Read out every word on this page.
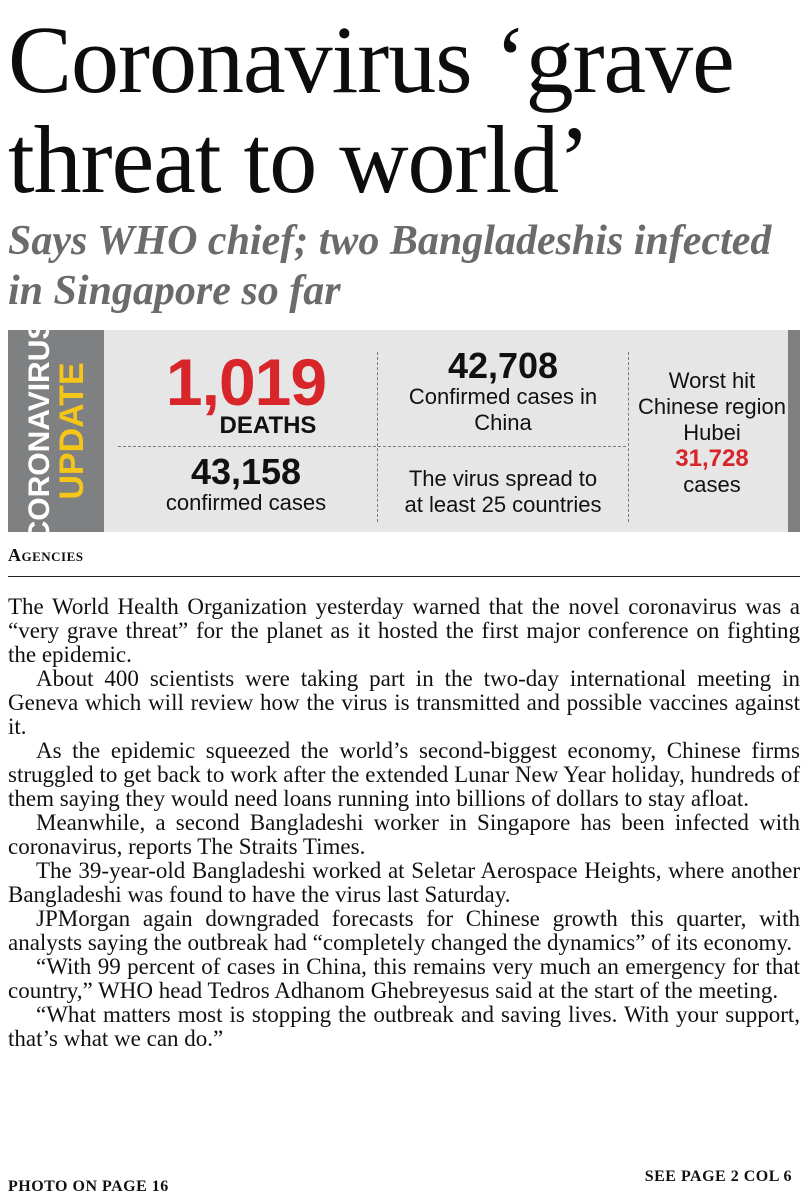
Coronavirus ‘grave threat to world’
Says WHO chief; two Bangladeshis infected in Singapore so far
CORONAVIRUS
UPDATE	1,019
DEATHS
43,158
confirmed cases
42,708
Confirmed cases in China
The virus spread to at least 25 countries
Worst hit Chinese region Hubei
31,728
cases
Agencies

The World Health Organization yesterday warned that the novel coronavirus was a “very grave threat” for the planet as it hosted the first major conference on fighting the epidemic.

About 400 scientists were taking part in the two-day international meeting in Geneva which will review how the virus is transmitted and possible vaccines against it.

As the epidemic squeezed the world’s second-biggest economy, Chinese firms struggled to get back to work after the extended Lunar New Year holiday, hundreds of them saying they would need loans running into billions of dollars to stay afloat.

Meanwhile, a second Bangladeshi worker in Singapore has been infected with coronavirus, reports The Straits Times.

The 39-year-old Bangladeshi worked at Seletar Aerospace Heights, where another Bangladeshi was found to have the virus last Saturday.

JPMorgan again downgraded forecasts for Chinese growth this quarter, with analysts saying the outbreak had “completely changed the dynamics” of its economy.

“With 99 percent of cases in China, this remains very much an emergency for that country,” WHO head Tedros Adhanom Ghebreyesus said at the start of the meeting.

“What matters most is stopping the outbreak and saving lives. With your support, that’s what we can do.”

PHOTO ON PAGE 16
SEE PAGE 2 COL 6
